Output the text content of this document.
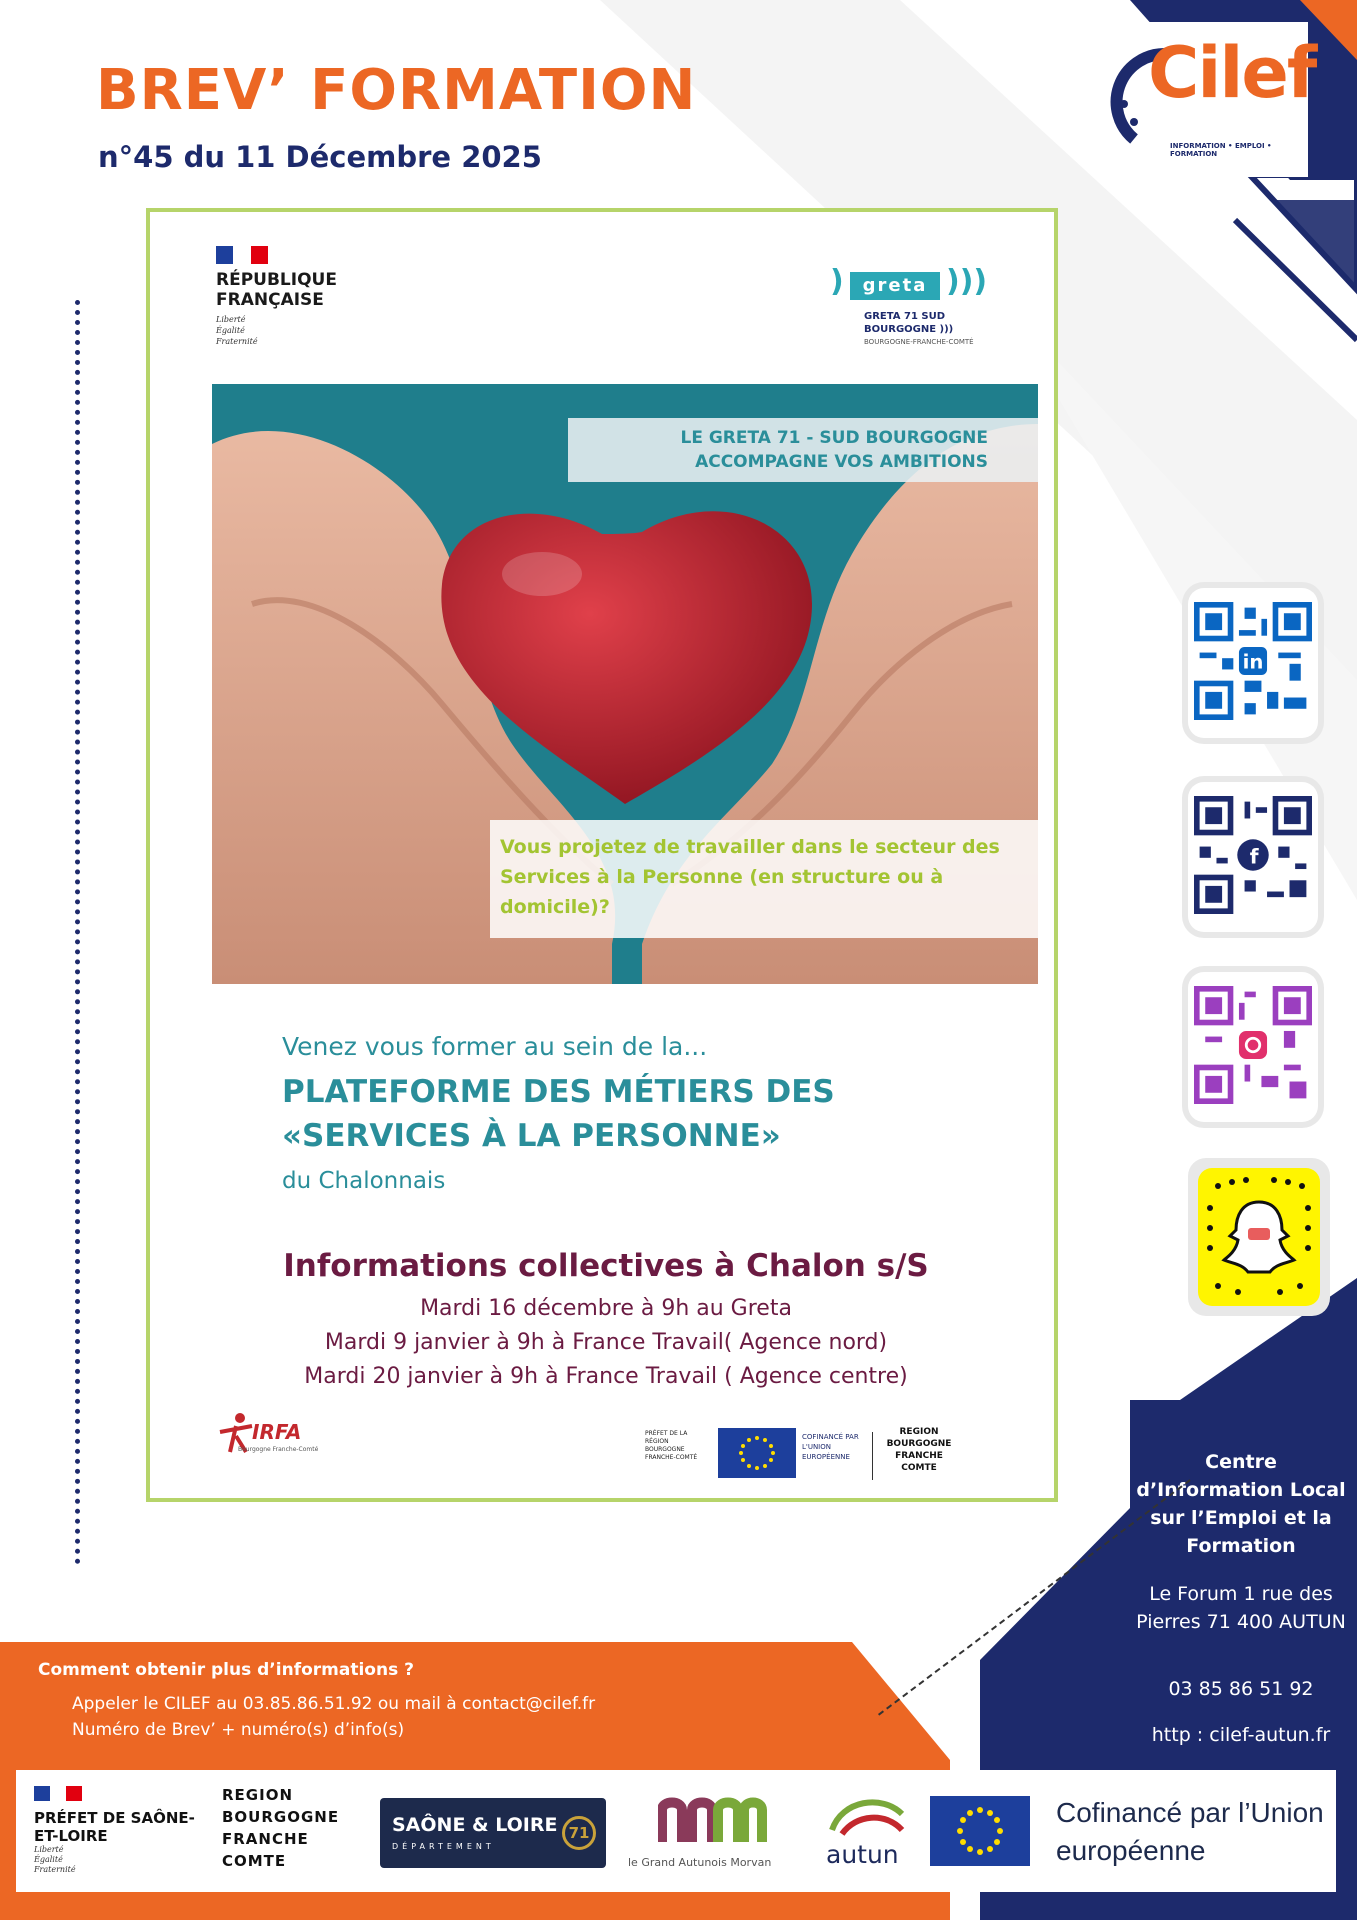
BREV’ FORMATION
n°45 du 11 Décembre 2025
Cilef
INFORMATION • EMPLOI • FORMATION
RÉPUBLIQUE FRANÇAISE
Liberté Égalité Fraternité
)	greta )))
GRETA 71 SUD BOURGOGNE )))
BOURGOGNE-FRANCHE-COMTÉ
LE GRETA 71 - SUD BOURGOGNE ACCOMPAGNE VOS AMBITIONS
Vous projetez de travailler dans le secteur des Services à la Personne (en structure ou à domicile)?
Venez vous former au sein de la...
PLATEFORME DES MÉTIERS DES
«SERVICES À LA PERSONNE»
du Chalonnais
Informations collectives à Chalon s/S
Mardi 16 décembre à 9h au Greta
Mardi 9 janvier à 9h à France Travail( Agence nord)
Mardi 20 janvier à 9h à France Travail ( Agence centre)
IRFA
Bourgogne Franche-Comté
PRÉFET DE LA RÉGION BOURGOGNE FRANCHE-COMTÉ
COFINANCÉ PAR L'UNION EUROPÉENNE
REGION BOURGOGNE FRANCHE COMTE
in
f
Centre d’Information Local sur l’Emploi et la Formation
Le Forum 1 rue des Pierres 71 400 AUTUN
03 85 86 51 92
http : cilef-autun.fr
Comment obtenir plus d’informations ?
Appeler le CILEF au 03.85.86.51.92 ou mail à contact@cilef.fr
Numéro de Brev’ + numéro(s) d’info(s)
PRÉFET DE SAÔNE-ET-LOIRE
Liberté Égalité Fraternité
REGION BOURGOGNE FRANCHE COMTE
SAÔNE & LOIRE
DÉPARTEMENT
71
le Grand Autunois Morvan autun
Cofinancé par l’Union européenne
